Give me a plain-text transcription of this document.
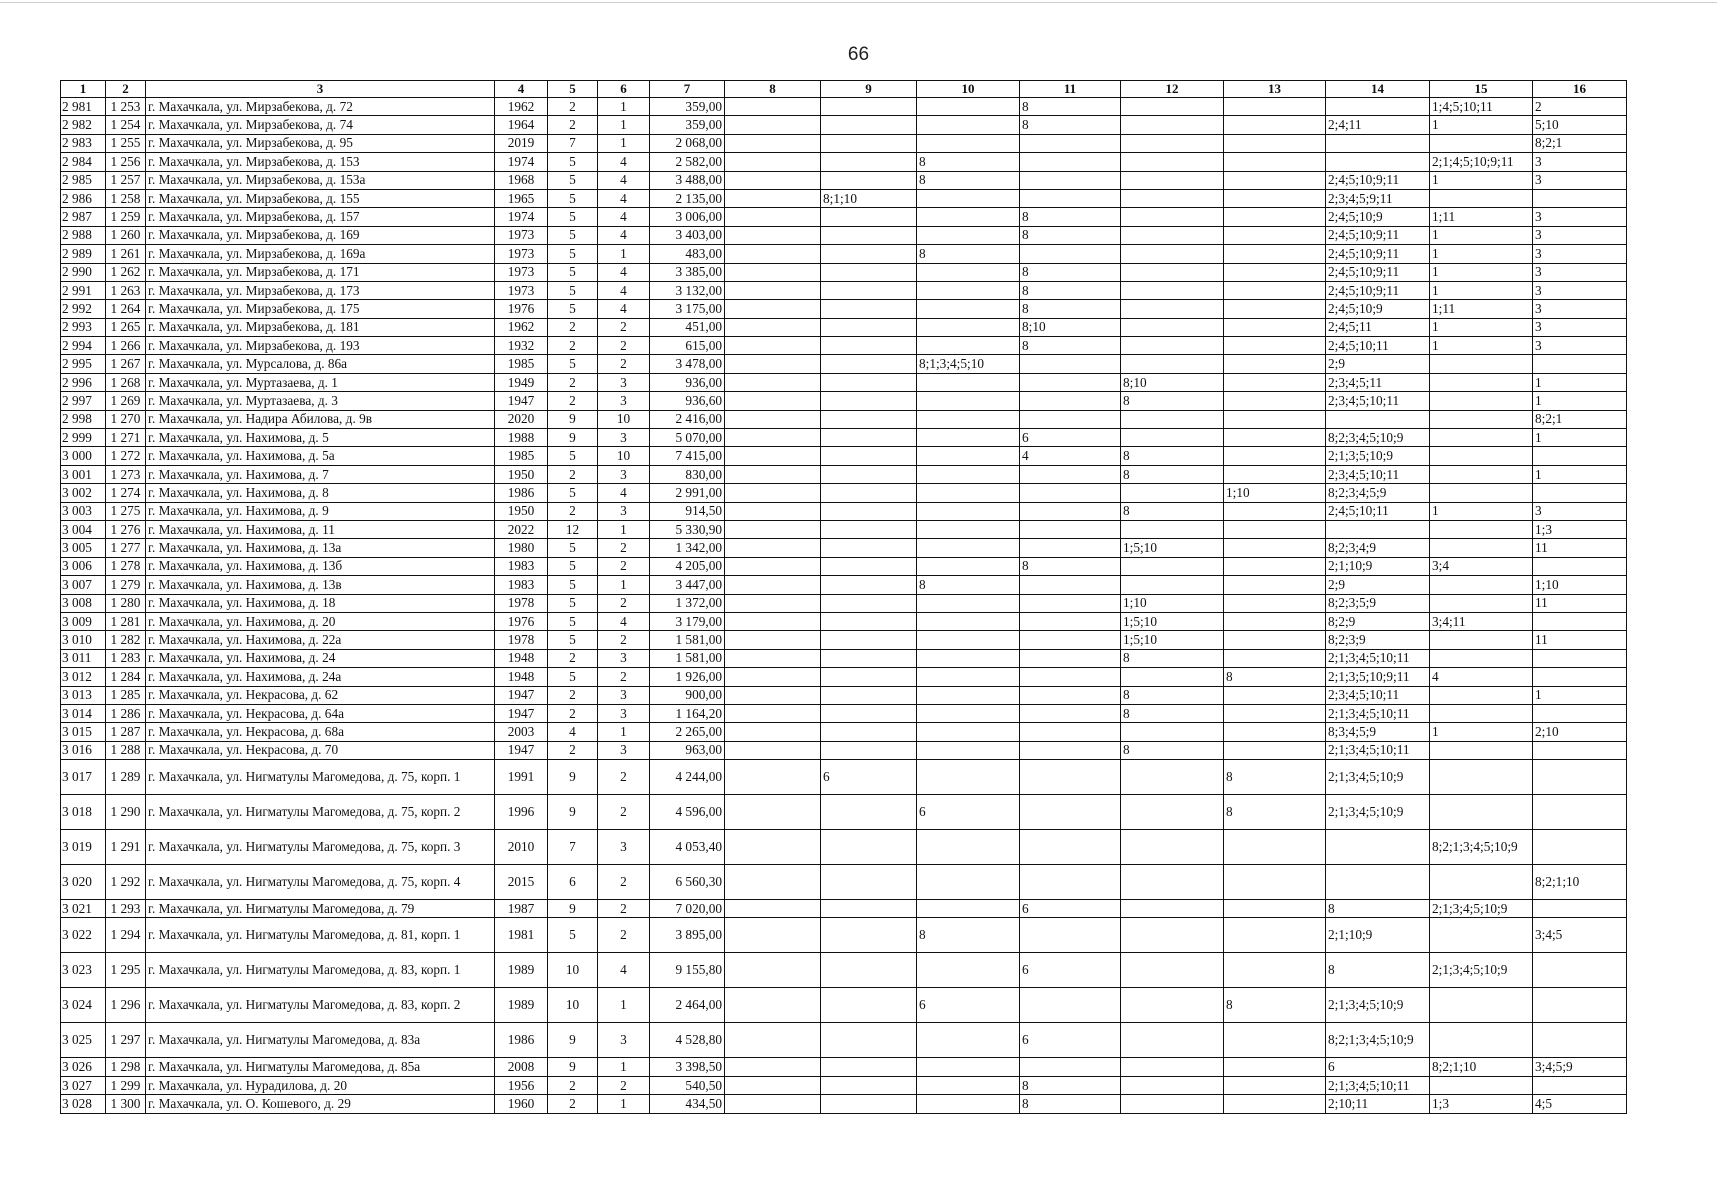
66
1	2	3	4	5	6	7	8	9	10	11	12	13	14	15	16
2 981	1 253	г. Махачкала, ул. Мирзабекова, д. 72	1962	2	1	359,00				8				1;4;5;10;11	2
2 982	1 254	г. Махачкала, ул. Мирзабекова, д. 74	1964	2	1	359,00				8			2;4;11	1	5;10
2 983	1 255	г. Махачкала, ул. Мирзабекова, д. 95	2019	7	1	2 068,00									8;2;1
2 984	1 256	г. Махачкала, ул. Мирзабекова, д. 153	1974	5	4	2 582,00			8					2;1;4;5;10;9;11	3
2 985	1 257	г. Махачкала, ул. Мирзабекова, д. 153а	1968	5	4	3 488,00			8				2;4;5;10;9;11	1	3
2 986	1 258	г. Махачкала, ул. Мирзабекова, д. 155	1965	5	4	2 135,00		8;1;10					2;3;4;5;9;11		
2 987	1 259	г. Махачкала, ул. Мирзабекова, д. 157	1974	5	4	3 006,00				8			2;4;5;10;9	1;11	3
2 988	1 260	г. Махачкала, ул. Мирзабекова, д. 169	1973	5	4	3 403,00				8			2;4;5;10;9;11	1	3
2 989	1 261	г. Махачкала, ул. Мирзабекова, д. 169а	1973	5	1	483,00			8				2;4;5;10;9;11	1	3
2 990	1 262	г. Махачкала, ул. Мирзабекова, д. 171	1973	5	4	3 385,00				8			2;4;5;10;9;11	1	3
2 991	1 263	г. Махачкала, ул. Мирзабекова, д. 173	1973	5	4	3 132,00				8			2;4;5;10;9;11	1	3
2 992	1 264	г. Махачкала, ул. Мирзабекова, д. 175	1976	5	4	3 175,00				8			2;4;5;10;9	1;11	3
2 993	1 265	г. Махачкала, ул. Мирзабекова, д. 181	1962	2	2	451,00				8;10			2;4;5;11	1	3
2 994	1 266	г. Махачкала, ул. Мирзабекова, д. 193	1932	2	2	615,00				8			2;4;5;10;11	1	3
2 995	1 267	г. Махачкала, ул. Мурсалова, д. 86а	1985	5	2	3 478,00			8;1;3;4;5;10				2;9		
2 996	1 268	г. Махачкала, ул. Муртазаева, д. 1	1949	2	3	936,00					8;10		2;3;4;5;11		1
2 997	1 269	г. Махачкала, ул. Муртазаева, д. 3	1947	2	3	936,60					8		2;3;4;5;10;11		1
2 998	1 270	г. Махачкала, ул. Надира Абилова, д. 9в	2020	9	10	2 416,00									8;2;1
2 999	1 271	г. Махачкала, ул. Нахимова, д. 5	1988	9	3	5 070,00				6			8;2;3;4;5;10;9		1
3 000	1 272	г. Махачкала, ул. Нахимова, д. 5а	1985	5	10	7 415,00				4	8		2;1;3;5;10;9		
3 001	1 273	г. Махачкала, ул. Нахимова, д. 7	1950	2	3	830,00					8		2;3;4;5;10;11		1
3 002	1 274	г. Махачкала, ул. Нахимова, д. 8	1986	5	4	2 991,00						1;10	8;2;3;4;5;9		
3 003	1 275	г. Махачкала, ул. Нахимова, д. 9	1950	2	3	914,50					8		2;4;5;10;11	1	3
3 004	1 276	г. Махачкала, ул. Нахимова, д. 11	2022	12	1	5 330,90									1;3
3 005	1 277	г. Махачкала, ул. Нахимова, д. 13а	1980	5	2	1 342,00					1;5;10		8;2;3;4;9		11
3 006	1 278	г. Махачкала, ул. Нахимова, д. 13б	1983	5	2	4 205,00				8			2;1;10;9	3;4	
3 007	1 279	г. Махачкала, ул. Нахимова, д. 13в	1983	5	1	3 447,00			8				2;9		1;10
3 008	1 280	г. Махачкала, ул. Нахимова, д. 18	1978	5	2	1 372,00					1;10		8;2;3;5;9		11
3 009	1 281	г. Махачкала, ул. Нахимова, д. 20	1976	5	4	3 179,00					1;5;10		8;2;9	3;4;11	
3 010	1 282	г. Махачкала, ул. Нахимова, д. 22а	1978	5	2	1 581,00					1;5;10		8;2;3;9		11
3 011	1 283	г. Махачкала, ул. Нахимова, д. 24	1948	2	3	1 581,00					8		2;1;3;4;5;10;11		
3 012	1 284	г. Махачкала, ул. Нахимова, д. 24а	1948	5	2	1 926,00						8	2;1;3;5;10;9;11	4	
3 013	1 285	г. Махачкала, ул. Некрасова, д. 62	1947	2	3	900,00					8		2;3;4;5;10;11		1
3 014	1 286	г. Махачкала, ул. Некрасова, д. 64а	1947	2	3	1 164,20					8		2;1;3;4;5;10;11		
3 015	1 287	г. Махачкала, ул. Некрасова, д. 68а	2003	4	1	2 265,00							8;3;4;5;9	1	2;10
3 016	1 288	г. Махачкала, ул. Некрасова, д. 70	1947	2	3	963,00					8		2;1;3;4;5;10;11		
3 017	1 289	г. Махачкала, ул. Нигматулы Магомедова, д. 75, корп. 1	1991	9	2	4 244,00		6				8	2;1;3;4;5;10;9		
3 018	1 290	г. Махачкала, ул. Нигматулы Магомедова, д. 75, корп. 2	1996	9	2	4 596,00			6			8	2;1;3;4;5;10;9		
3 019	1 291	г. Махачкала, ул. Нигматулы Магомедова, д. 75, корп. 3	2010	7	3	4 053,40								8;2;1;3;4;5;10;9	
3 020	1 292	г. Махачкала, ул. Нигматулы Магомедова, д. 75, корп. 4	2015	6	2	6 560,30									8;2;1;10
3 021	1 293	г. Махачкала, ул. Нигматулы Магомедова, д. 79	1987	9	2	7 020,00				6			8	2;1;3;4;5;10;9	
3 022	1 294	г. Махачкала, ул. Нигматулы Магомедова, д. 81, корп. 1	1981	5	2	3 895,00			8				2;1;10;9		3;4;5
3 023	1 295	г. Махачкала, ул. Нигматулы Магомедова, д. 83, корп. 1	1989	10	4	9 155,80				6			8	2;1;3;4;5;10;9	
3 024	1 296	г. Махачкала, ул. Нигматулы Магомедова, д. 83, корп. 2	1989	10	1	2 464,00			6			8	2;1;3;4;5;10;9		
3 025	1 297	г. Махачкала, ул. Нигматулы Магомедова, д. 83а	1986	9	3	4 528,80				6			8;2;1;3;4;5;10;9		
3 026	1 298	г. Махачкала, ул. Нигматулы Магомедова, д. 85а	2008	9	1	3 398,50							6	8;2;1;10	3;4;5;9
3 027	1 299	г. Махачкала, ул. Нурадилова, д. 20	1956	2	2	540,50				8			2;1;3;4;5;10;11		
3 028	1 300	г. Махачкала, ул. О. Кошевого, д. 29	1960	2	1	434,50				8			2;10;11	1;3	4;5
